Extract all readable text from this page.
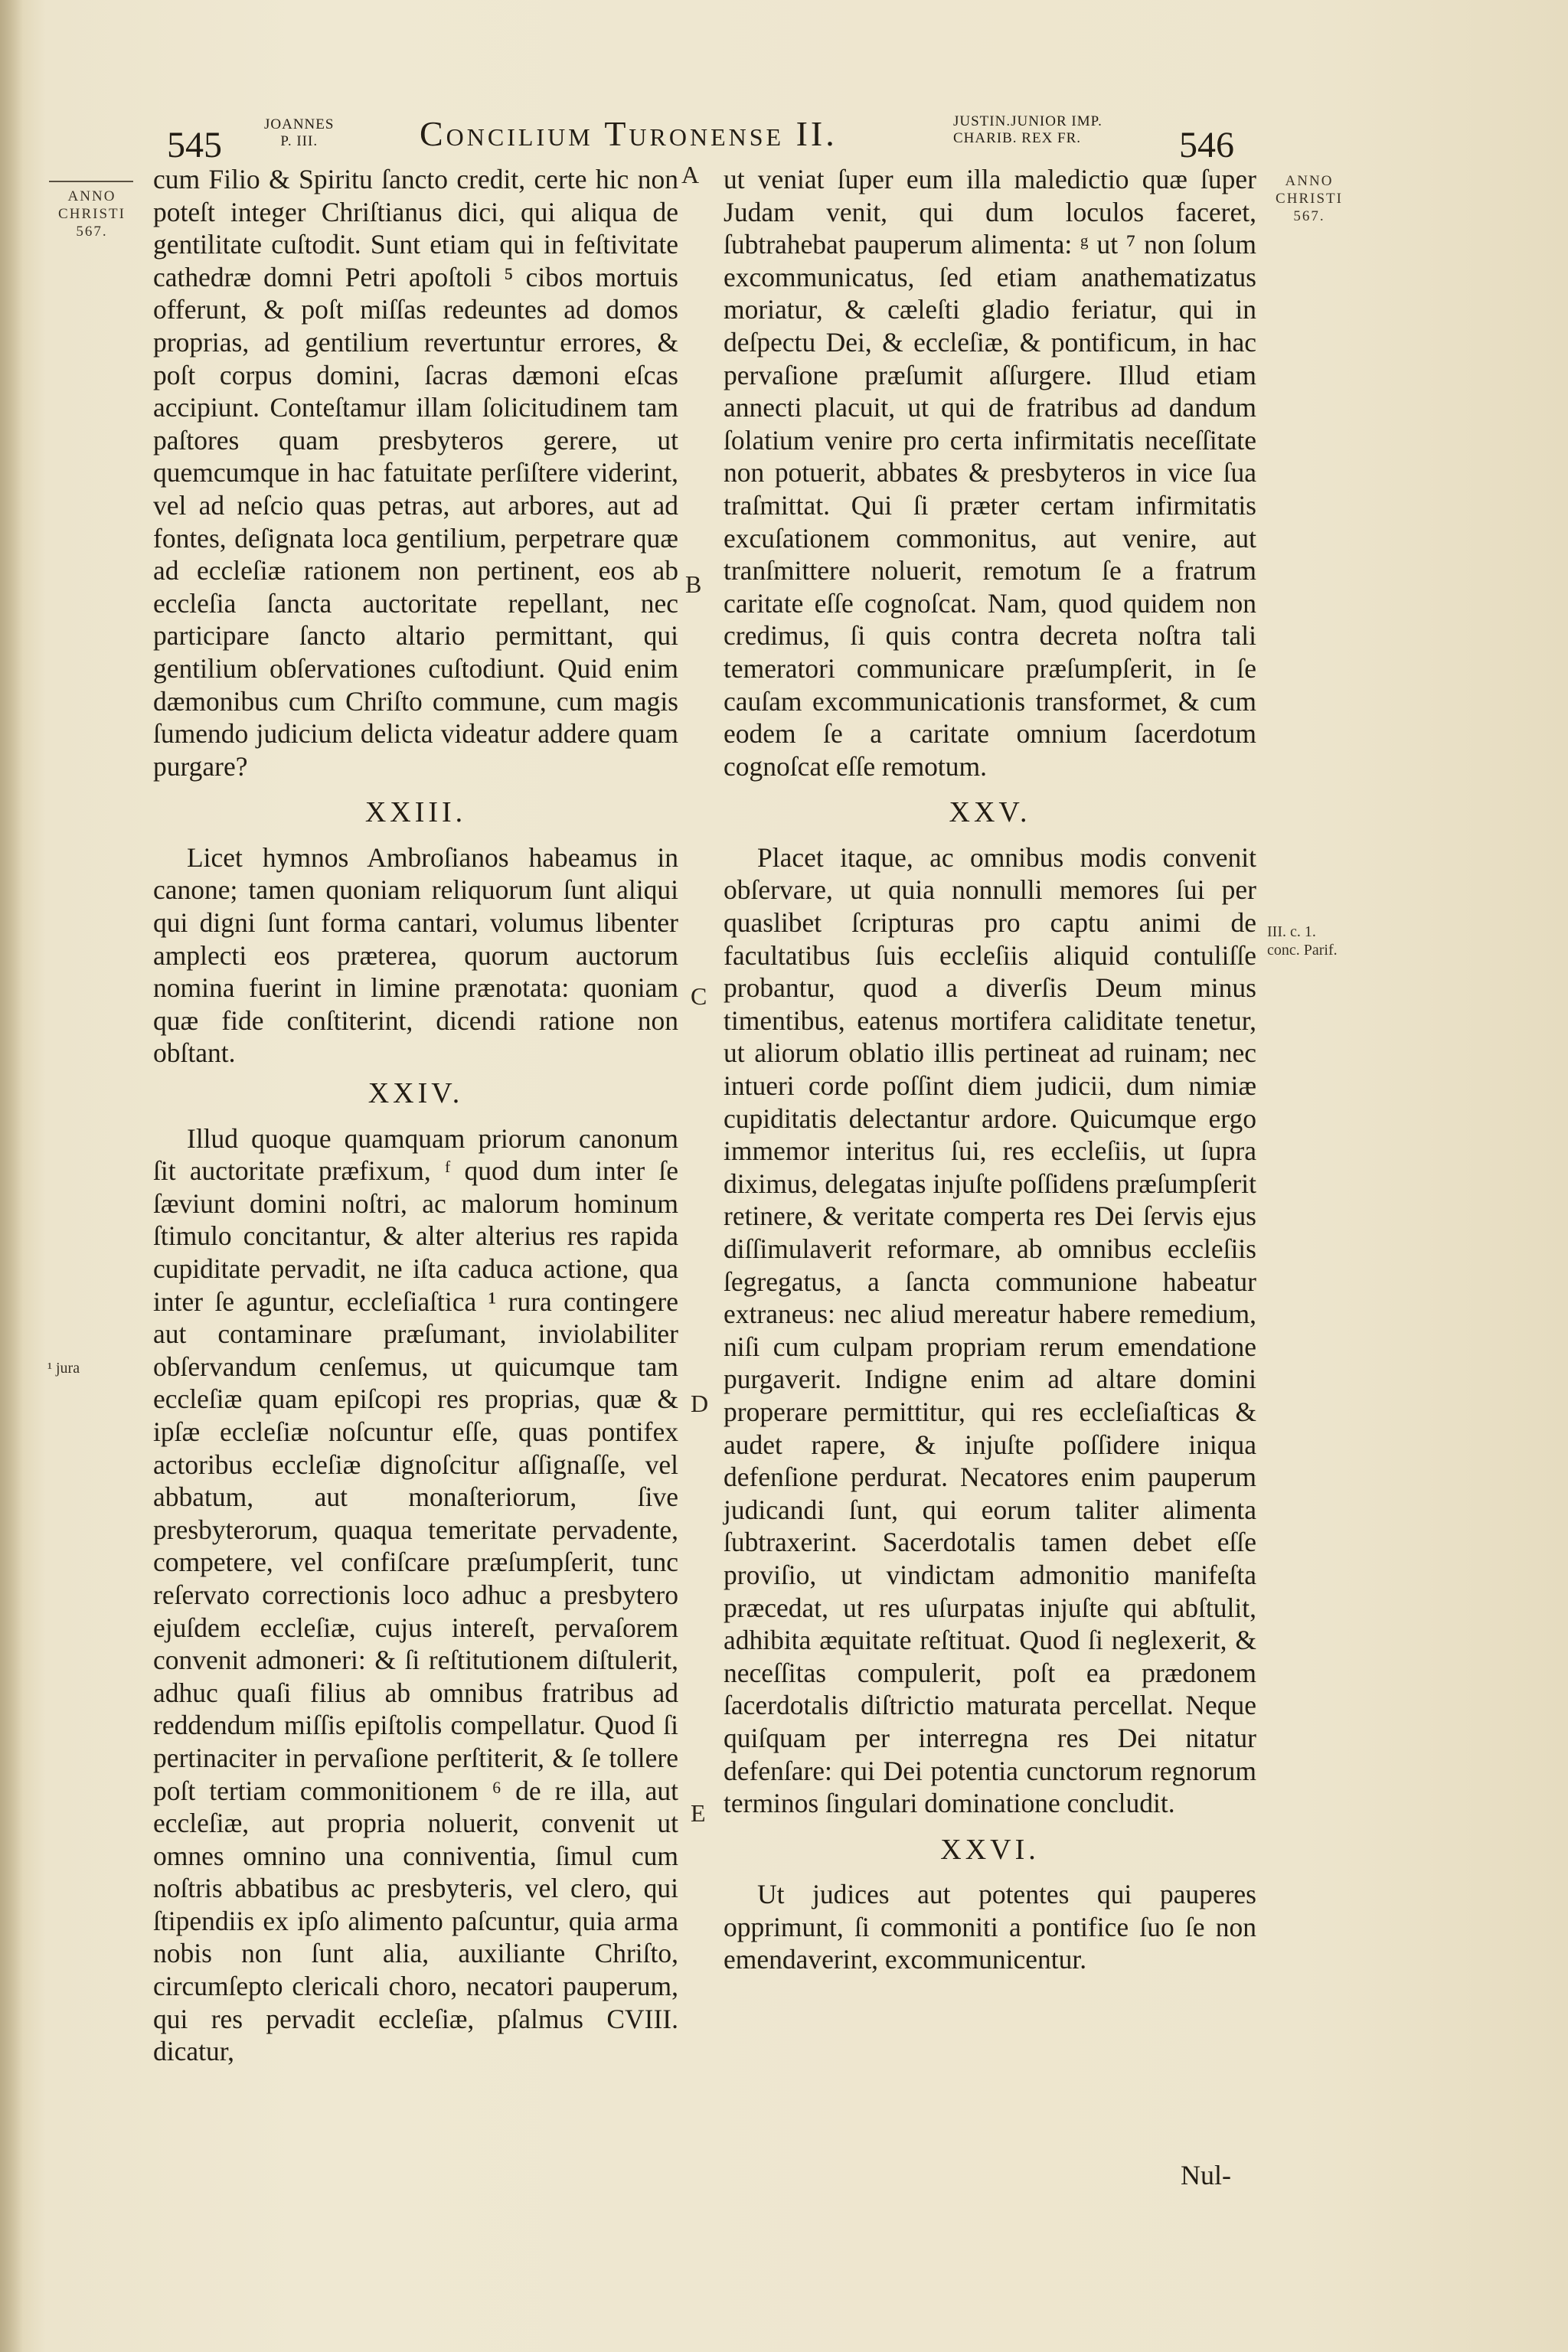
545
JOANNES
P. III.	Concilium Turonense II.	JUSTIN.JUNIOR IMP.
CHARIB. REX FR.	546
ANNO
CHRISTI
567.
¹ jura
ANNO
CHRISTI
567.
III. c. 1.
conc. Parif.
A
B
C
D
E

cum Filio & Spiritu ſancto credit, certe hic non poteſt integer Chriſtianus dici, qui aliqua de gentilitate cuſtodit. Sunt etiam qui in feſtivitate cathedræ domni Petri apoſtoli ⁵ cibos mortuis offerunt, & poſt miſſas redeuntes ad domos proprias, ad gentilium revertuntur errores, & poſt corpus domini, ſacras dæmoni eſcas accipiunt. Conteſtamur illam ſolicitudinem tam paſtores quam presbyteros gerere, ut quemcumque in hac fatuitate perſiſtere viderint, vel ad neſcio quas petras, aut arbores, aut ad fontes, deſignata loca gentilium, perpetrare quæ ad eccleſiæ rationem non pertinent, eos ab eccleſia ſancta auctoritate repellant, nec participare ſancto altario permittant, qui gentilium obſervationes cuſtodiunt. Quid enim dæmonibus cum Chriſto commune, cum magis ſumendo judicium delicta videatur addere quam purgare?

XXIII.

Licet hymnos Ambroſianos habeamus in canone; tamen quoniam reliquorum ſunt aliqui qui digni ſunt forma cantari, volumus libenter amplecti eos præterea, quorum auctorum nomina fuerint in limine prænotata: quoniam quæ fide conſtiterint, dicendi ratione non obſtant.

XXIV.

Illud quoque quamquam priorum canonum ſit auctoritate præfixum, ᶠ quod dum inter ſe ſæviunt domini noſtri, ac malorum hominum ſtimulo concitantur, & alter alterius res rapida cupiditate pervadit, ne iſta caduca actione, qua inter ſe aguntur, eccleſiaſtica ¹ rura contingere aut contaminare præſumant, inviolabiliter obſervandum cenſemus, ut quicumque tam eccleſiæ quam epiſcopi res proprias, quæ & ipſæ eccleſiæ noſcuntur eſſe, quas pontifex actoribus eccleſiæ dignoſcitur aſſignaſſe, vel abbatum, aut monaſteriorum, ſive presbyterorum, quaqua temeritate pervadente, competere, vel confiſcare præſumpſerit, tunc reſervato correctionis loco adhuc a presbytero ejuſdem eccleſiæ, cujus intereſt, pervaſorem convenit admoneri: & ſi reſtitutionem diſtulerit, adhuc quaſi filius ab omnibus fratribus ad reddendum miſſis epiſtolis compellatur. Quod ſi pertinaciter in pervaſione perſtiterit, & ſe tollere poſt tertiam commonitionem ⁶ de re illa, aut eccleſiæ, aut propria noluerit, convenit ut omnes omnino una conniventia, ſimul cum noſtris abbatibus ac presbyteris, vel clero, qui ſtipendiis ex ipſo alimento paſcuntur, quia arma nobis non ſunt alia, auxiliante Chriſto, circumſepto clericali choro, necatori pauperum, qui res pervadit eccleſiæ, pſalmus CVIII. dicatur,

ut veniat ſuper eum illa maledictio quæ ſuper Judam venit, qui dum loculos faceret, ſubtrahebat pauperum alimenta: ᵍ ut ⁷ non ſolum excommunicatus, ſed etiam anathematizatus moriatur, & cæleſti gladio feriatur, qui in deſpectu Dei, & eccleſiæ, & pontificum, in hac pervaſione præſumit aſſurgere. Illud etiam annecti placuit, ut qui de fratribus ad dandum ſolatium venire pro certa infirmitatis neceſſitate non potuerit, abbates & presbyteros in vice ſua traſmittat. Qui ſi præter certam infirmitatis excuſationem commonitus, aut venire, aut tranſmittere noluerit, remotum ſe a fratrum caritate eſſe cognoſcat. Nam, quod quidem non credimus, ſi quis contra decreta noſtra tali temeratori communicare præſumpſerit, in ſe cauſam excommunicationis transformet, & cum eodem ſe a caritate omnium ſacerdotum cognoſcat eſſe remotum.

XXV.

Placet itaque, ac omnibus modis convenit obſervare, ut quia nonnulli memores ſui per quaslibet ſcripturas pro captu animi de facultatibus ſuis eccleſiis aliquid contuliſſe probantur, quod a diverſis Deum minus timentibus, eatenus mortifera caliditate tenetur, ut aliorum oblatio illis pertineat ad ruinam; nec intueri corde poſſint diem judicii, dum nimiæ cupiditatis delectantur ardore. Quicumque ergo immemor interitus ſui, res eccleſiis, ut ſupra diximus, delegatas injuſte poſſidens præſumpſerit retinere, & veritate comperta res Dei ſervis ejus diſſimulaverit reformare, ab omnibus eccleſiis ſegregatus, a ſancta communione habeatur extraneus: nec aliud mereatur habere remedium, niſi cum culpam propriam rerum emendatione purgaverit. Indigne enim ad altare domini properare permittitur, qui res eccleſiaſticas & audet rapere, & injuſte poſſidere iniqua defenſione perdurat. Necatores enim pauperum judicandi ſunt, qui eorum taliter alimenta ſubtraxerint. Sacerdotalis tamen debet eſſe proviſio, ut vindictam admonitio manifeſta præcedat, ut res uſurpatas injuſte qui abſtulit, adhibita æquitate reſtituat. Quod ſi neglexerit, & neceſſitas compulerit, poſt ea prædonem ſacerdotalis diſtrictio maturata percellat. Neque quiſquam per interregna res Dei nitatur defenſare: qui Dei potentia cunctorum regnorum terminos ſingulari dominatione concludit.

XXVI.

Ut judices aut potentes qui pauperes opprimunt, ſi commoniti a pontifice ſuo ſe non emendaverint, excommunicentur.

Nul-
